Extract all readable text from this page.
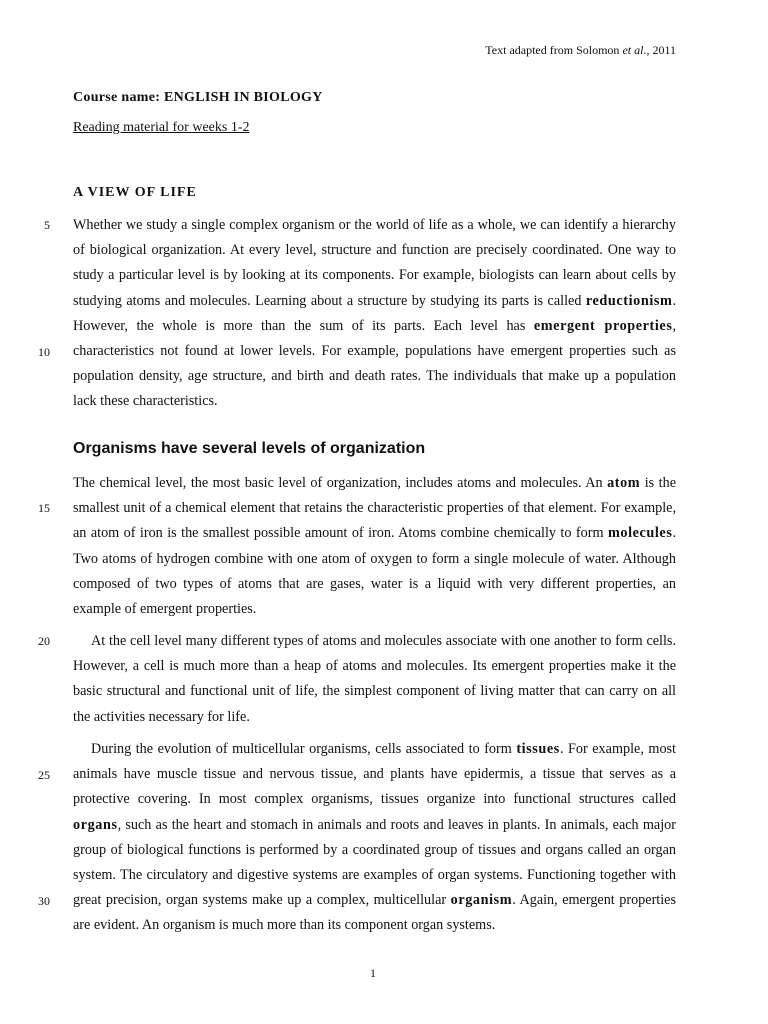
Text adapted from Solomon et al., 2011
Course name: ENGLISH IN BIOLOGY
Reading material for weeks 1-2
A VIEW OF LIFE
5
10
15
20
25
30

Whether we study a single complex organism or the world of life as a whole, we can identify a hierarchy of biological organization. At every level, structure and function are precisely coordinated. One way to study a particular level is by looking at its components. For example, biologists can learn about cells by studying atoms and molecules. Learning about a structure by studying its parts is called reductionism. However, the whole is more than the sum of its parts. Each level has emergent properties, characteristics not found at lower levels. For example, populations have emergent properties such as population density, age structure, and birth and death rates. The individuals that make up a population lack these characteristics.

Organisms have several levels of organization

The chemical level, the most basic level of organization, includes atoms and molecules. An atom is the smallest unit of a chemical element that retains the characteristic properties of that element. For example, an atom of iron is the smallest possible amount of iron. Atoms combine chemically to form molecules. Two atoms of hydrogen combine with one atom of oxygen to form a single molecule of water. Although composed of two types of atoms that are gases, water is a liquid with very different properties, an example of emergent properties.

At the cell level many different types of atoms and molecules associate with one another to form cells. However, a cell is much more than a heap of atoms and molecules. Its emergent properties make it the basic structural and functional unit of life, the simplest component of living matter that can carry on all the activities necessary for life.

During the evolution of multicellular organisms, cells associated to form tissues. For example, most animals have muscle tissue and nervous tissue, and plants have epidermis, a tissue that serves as a protective covering. In most complex organisms, tissues organize into functional structures called organs, such as the heart and stomach in animals and roots and leaves in plants. In animals, each major group of biological functions is performed by a coordinated group of tissues and organs called an organ system. The circulatory and digestive systems are examples of organ systems. Functioning together with great precision, organ systems make up a complex, multicellular organism. Again, emergent properties are evident. An organism is much more than its component organ systems.

1
